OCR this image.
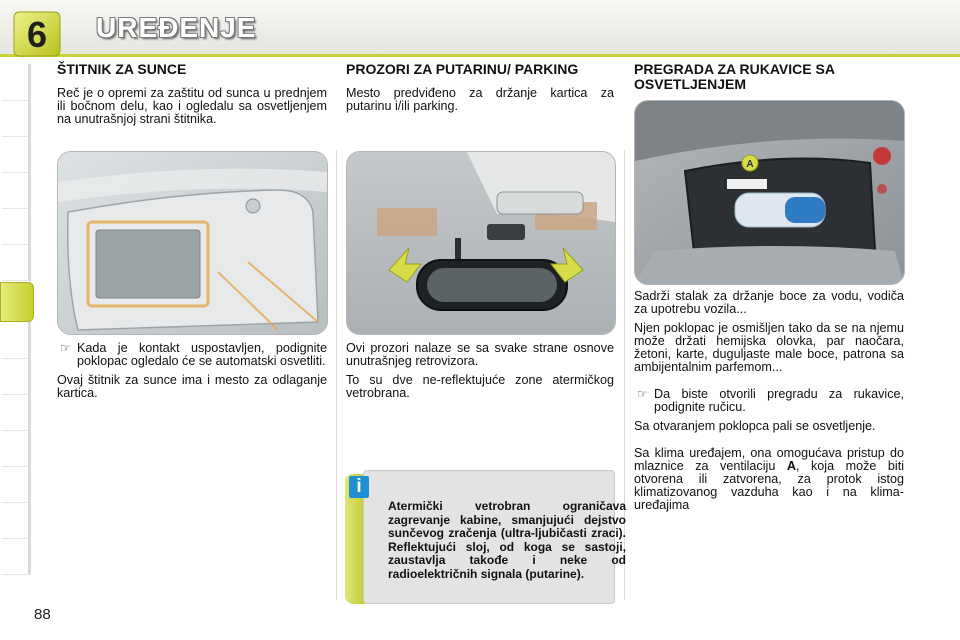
6	UREĐENJE
88
ŠTITNIK ZA SUNCE
Reč je o opremi za zaštitu od sunca u prednjem ili bočnom delu, kao i ogledalu sa osvetljenjem na unutrašnjoj strani štitnika.
☞ Kada je kontakt uspostavljen, podignite poklopac ogledalo će se automatski osvetliti.
Ovaj štitnik za sunce ima i mesto za odlaganje kartica.
PROZORI ZA PUTARINU/ PARKING
Mesto predviđeno za držanje kartica za putarinu i/ili parking.
Ovi prozori nalaze se sa svake strane osnove unutrašnjeg retrovizora.
To su dve ne-reflektujuće zone atermičkog vetrobrana.
Atermički vetrobran ograničava zagrevanje kabine, smanjujući dejstvo sunčevog zračenja (ultra-ljubičasti zraci). Reflektujući sloj, od koga se sastoji, zaustavlja takođe i neke od radioelektričnih signala (putarine).
i
PREGRADA ZA RUKAVICE SA OSVETLJENJEM
A
Sadrži stalak za držanje boce za vodu, vodiča za upotrebu vozila...
Njen poklopac je osmišljen tako da se na njemu može držati hemijska olovka, par naočara, žetoni, karte, duguljaste male boce, patrona sa ambijentalnim parfemom...
☞ Da biste otvorili pregradu za rukavice, podignite ručicu.
Sa otvaranjem poklopca pali se osvetljenje.
Sa klima uređajem, ona omogućava pristup do mlaznice za ventilaciju A, koja može biti otvorena ili zatvorena, za protok istog klimatizovanog vazduha kao i na klima-uređajima
